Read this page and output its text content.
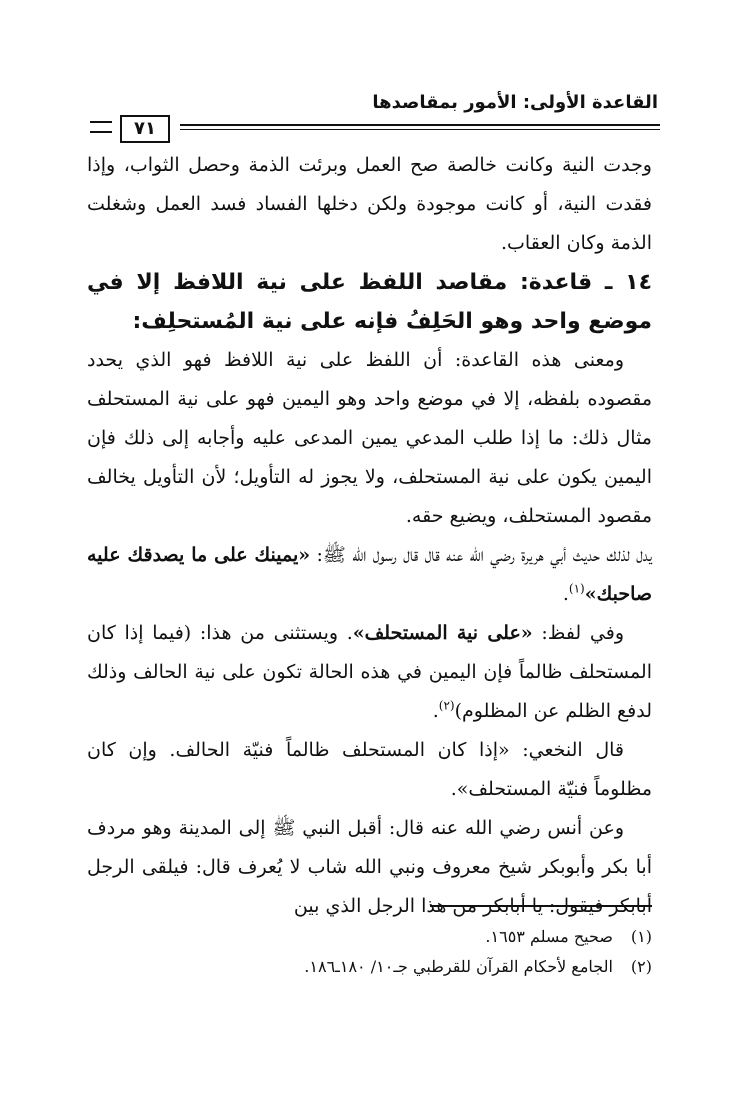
القاعدة الأولى: الأمور بمقاصدها
٧١

وجدت النية وكانت خالصة صح العمل وبرئت الذمة وحصل الثواب، وإذا فقدت النية، أو كانت موجودة ولكن دخلها الفساد فسد العمل وشغلت الذمة وكان العقاب.

١٤ ـ قاعدة: مقاصد اللفظ على نية اللافظ إلا في موضع واحد وهو الحَلِفُ فإنه على نية المُستحلِف:

ومعنى هذه القاعدة: أن اللفظ على نية اللافظ فهو الذي يحدد مقصوده بلفظه، إلا في موضع واحد وهو اليمين فهو على نية المستحلف مثال ذلك: ما إذا طلب المدعي يمين المدعى عليه وأجابه إلى ذلك فإن اليمين يكون على نية المستحلف، ولا يجوز له التأويل؛ لأن التأويل يخالف مقصود المستحلف، ويضيع حقه.

يدل لذلك حديث أبي هريرة رضي الله عنه قال قال رسول الله ﷺ: «يمينك على ما يصدقك عليه صاحبك»$^{(١)}$.

وفي لفظ: «على نية المستحلف». ويستثنى من هذا: (فيما إذا كان المستحلف ظالماً فإن اليمين في هذه الحالة تكون على نية الحالف وذلك لدفع الظلم عن المظلوم)$^{(٢)}$.

قال النخعي: «إذا كان المستحلف ظالماً فنيّة الحالف. وإن كان مظلوماً فنيّة المستحلف».

وعن أنس رضي الله عنه قال: أقبل النبي ﷺ إلى المدينة وهو مردف أبا بكر وأبوبكر شيخ معروف ونبي الله شاب لا يُعرف قال: فيلقى الرجل أبابكر فيقول: يا أبابكر من هذا الرجل الذي بين

(١) صحيح مسلم ١٦٥٣.

(٢) الجامع لأحكام القرآن للقرطبي جـ١٠/ ١٨٠ـ١٨٦.
